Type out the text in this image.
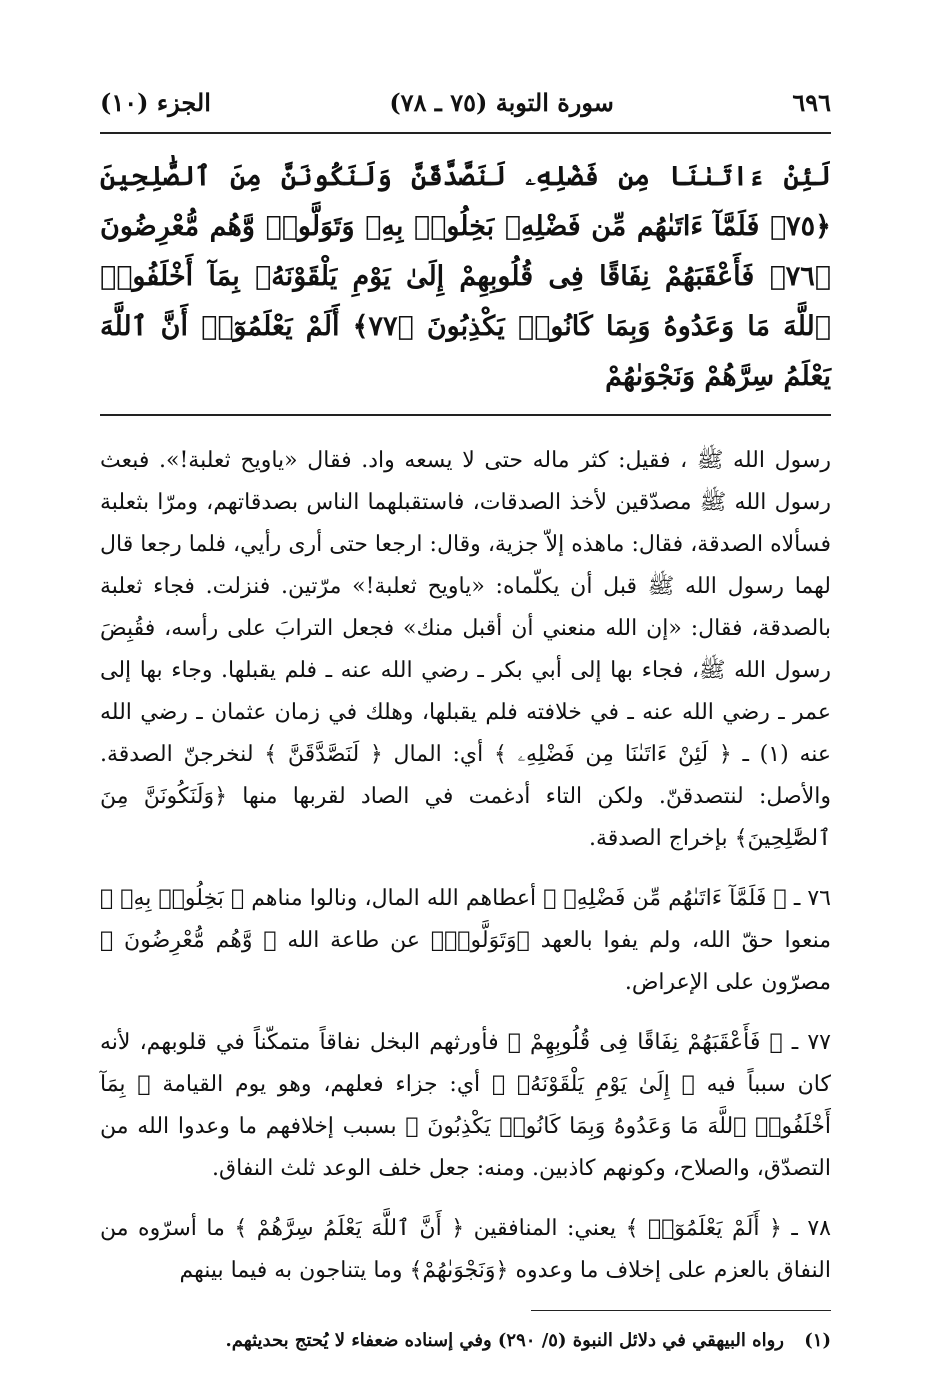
٦٩٦
سورة التوبة (٧٥ ـ ٧٨)
الجزء (١٠)
لَئِنْ ءَاتَىٰنَا مِن فَضْلِهِۦ لَنَصَّدَّقَنَّ وَلَنَكُونَنَّ مِنَ ٱلصَّٰلِحِينَ ﴿٧٥﴾ فَلَمَّآ ءَاتَىٰهُم مِّن فَضْلِهِۦ بَخِلُوا۟ بِهِۦ وَتَوَلَّوا۟ وَّهُم مُّعْرِضُونَ ﴿٧٦﴾ فَأَعْقَبَهُمْ نِفَاقًا فِى قُلُوبِهِمْ إِلَىٰ يَوْمِ يَلْقَوْنَهُۥ بِمَآ أَخْلَفُوا۟ ٱللَّهَ مَا وَعَدُوهُ وَبِمَا كَانُوا۟ يَكْذِبُونَ ﴿٧٧﴾ أَلَمْ يَعْلَمُوٓا۟ أَنَّ ٱللَّهَ يَعْلَمُ سِرَّهُمْ وَنَجْوَىٰهُمْ

رسول الله ﷺ ، فقيل: كثر ماله حتى لا يسعه واد. فقال «ياويح ثعلبة!». فبعث رسول الله ﷺ مصدّقين لأخذ الصدقات، فاستقبلهما الناس بصدقاتهم، ومرّا بثعلبة فسألاه الصدقة، فقال: ماهذه إلاّ جزية، وقال: ارجعا حتى أرى رأيي، فلما رجعا قال لهما رسول الله ﷺ قبل أن يكلّماه: «ياويح ثعلبة!» مرّتين. فنزلت. فجاء ثعلبة بالصدقة، فقال: «إن الله منعني أن أقبل منك» فجعل الترابَ على رأسه، فقُبِضَ رسول الله ﷺ، فجاء بها إلى أبي بكر ـ رضي الله عنه ـ فلم يقبلها. وجاء بها إلى عمر ـ رضي الله عنه ـ في خلافته فلم يقبلها، وهلك في زمان عثمان ـ رضي الله عنه (١) ـ ﴿ لَئِنْ ءَاتَىٰنَا مِن فَضْلِهِۦ ﴾ أي: المال ﴿ لَنَصَّدَّقَنَّ ﴾ لنخرجنّ الصدقة. والأصل: لنتصدقنّ. ولكن التاء أدغمت في الصاد لقربها منها ﴿وَلَنَكُونَنَّ مِنَ ٱلصَّٰلِحِينَ﴾ بإخراج الصدقة.

٧٦ ـ ﴿ فَلَمَّآ ءَاتَىٰهُم مِّن فَضْلِهِۦ ﴾ أعطاهم الله المال، ونالوا مناهم ﴿ بَخِلُوا۟ بِهِۦ ﴾ منعوا حقّ الله، ولم يفوا بالعهد ﴿وَتَوَلَّوا۟﴾ عن طاعة الله ﴿ وَّهُم مُّعْرِضُونَ ﴾ مصرّون على الإعراض.

٧٧ ـ ﴿ فَأَعْقَبَهُمْ نِفَاقًا فِى قُلُوبِهِمْ ﴾ فأورثهم البخل نفاقاً متمكّناً في قلوبهم، لأنه كان سبباً فيه ﴿ إِلَىٰ يَوْمِ يَلْقَوْنَهُۥ ﴾ أي: جزاء فعلهم، وهو يوم القيامة ﴿ بِمَآ أَخْلَفُوا۟ ٱللَّهَ مَا وَعَدُوهُ وَبِمَا كَانُوا۟ يَكْذِبُونَ ﴾ بسبب إخلافهم ما وعدوا الله من التصدّق، والصلاح، وكونهم كاذبين. ومنه: جعل خلف الوعد ثلث النفاق.

٧٨ ـ ﴿ أَلَمْ يَعْلَمُوٓا۟ ﴾ يعني: المنافقين ﴿ أَنَّ ٱللَّهَ يَعْلَمُ سِرَّهُمْ ﴾ ما أسرّوه من النفاق بالعزم على إخلاف ما وعدوه ﴿وَنَجْوَىٰهُمْ﴾ وما يتناجون به فيما بينهم

(١) رواه البيهقي في دلائل النبوة (٥/ ٢٩٠) وفي إسناده ضعفاء لا يُحتج بحديثهم.
